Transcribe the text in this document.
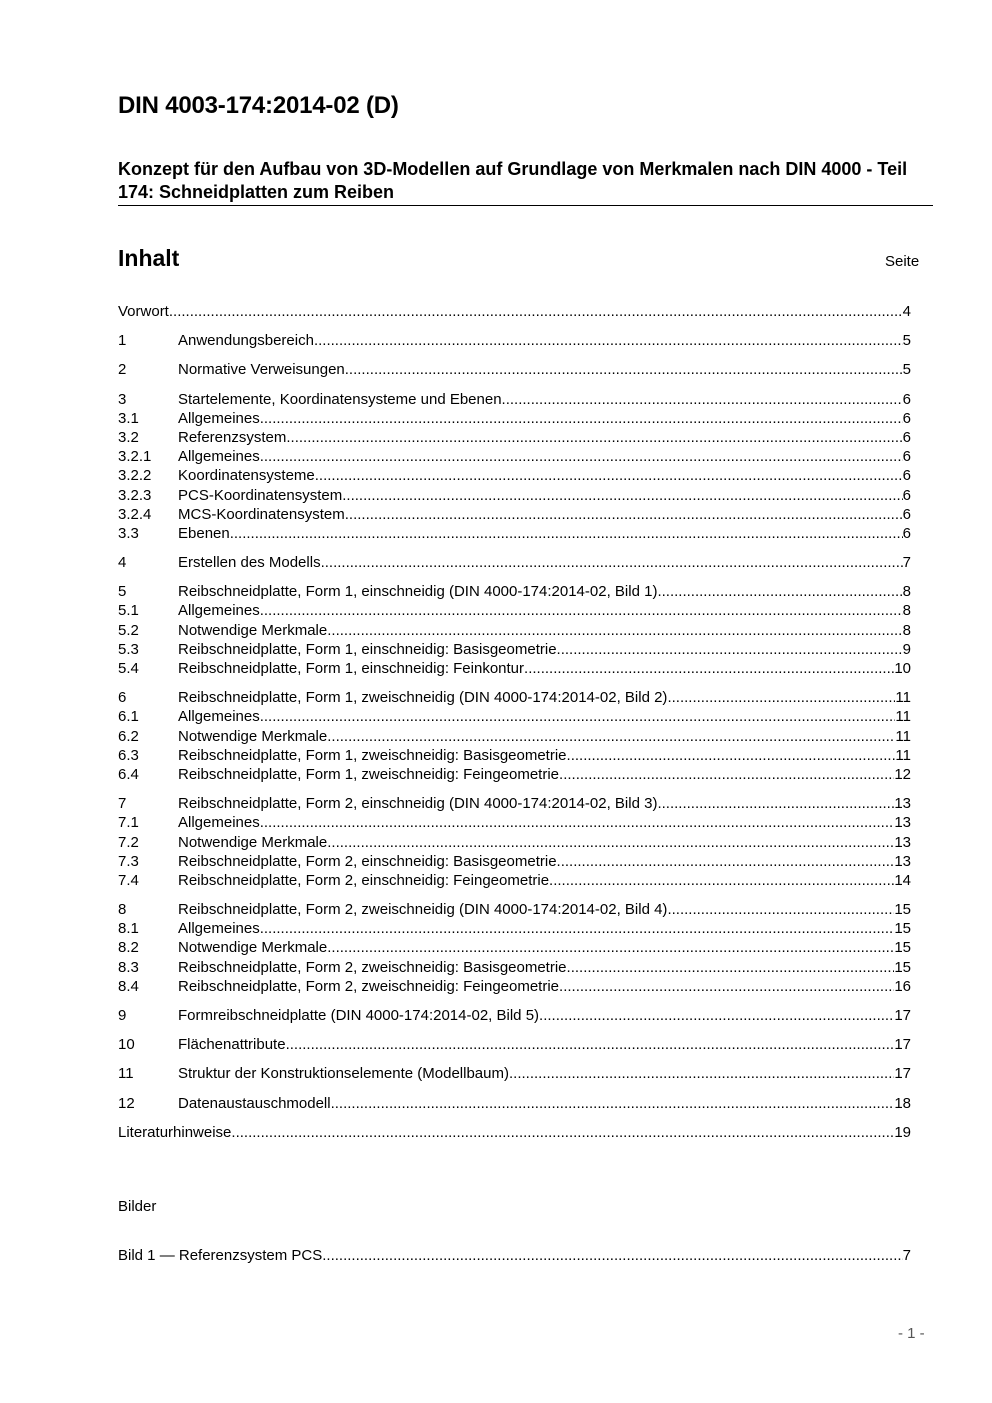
DIN 4003-174:2014-02 (D)
Konzept für den Aufbau von 3D-Modellen auf Grundlage von Merkmalen nach DIN 4000 - Teil 174: Schneidplatten zum Reiben
Inhalt	Seite
Vorwort .....	4
1	Anwendungsbereich .....	5
2	Normative Verweisungen .....	5
3	Startelemente, Koordinatensysteme und Ebenen .....	6
3.1	Allgemeines .....	6
3.2	Referenzsystem .....	6
3.2.1	Allgemeines .....	6
3.2.2	Koordinatensysteme .....	6
3.2.3	PCS-Koordinatensystem .....	6
3.2.4	MCS-Koordinatensystem .....	6
3.3	Ebenen .....	6
4	Erstellen des Modells .....	7
5	Reibschneidplatte, Form 1, einschneidig (DIN 4000-174:2014-02, Bild 1) .....	8
5.1	Allgemeines .....	8
5.2	Notwendige Merkmale .....	8
5.3	Reibschneidplatte, Form 1, einschneidig: Basisgeometrie .....	9
5.4	Reibschneidplatte, Form 1, einschneidig: Feinkontur .....	10
6	Reibschneidplatte, Form 1, zweischneidig (DIN 4000-174:2014-02, Bild 2) .....	11
6.1	Allgemeines .....	11
6.2	Notwendige Merkmale .....	11
6.3	Reibschneidplatte, Form 1, zweischneidig: Basisgeometrie .....	11
6.4	Reibschneidplatte, Form 1, zweischneidig: Feingeometrie .....	12
7	Reibschneidplatte, Form 2, einschneidig (DIN 4000-174:2014-02, Bild 3) .....	13
7.1	Allgemeines .....	13
7.2	Notwendige Merkmale .....	13
7.3	Reibschneidplatte, Form 2, einschneidig: Basisgeometrie .....	13
7.4	Reibschneidplatte, Form 2, einschneidig: Feingeometrie .....	14
8	Reibschneidplatte, Form 2, zweischneidig (DIN 4000-174:2014-02, Bild 4) .....	15
8.1	Allgemeines .....	15
8.2	Notwendige Merkmale .....	15
8.3	Reibschneidplatte, Form 2, zweischneidig: Basisgeometrie .....	15
8.4	Reibschneidplatte, Form 2, zweischneidig: Feingeometrie .....	16
9	Formreibschneidplatte (DIN 4000-174:2014-02, Bild 5) .....	17
10	Flächenattribute .....	17
11	Struktur der Konstruktionselemente (Modellbaum) .....	17
12	Datenaustauschmodell .....	18
Literaturhinweise .....	19
Bilder
Bild 1 — Referenzsystem PCS .....	7
- 1 -
